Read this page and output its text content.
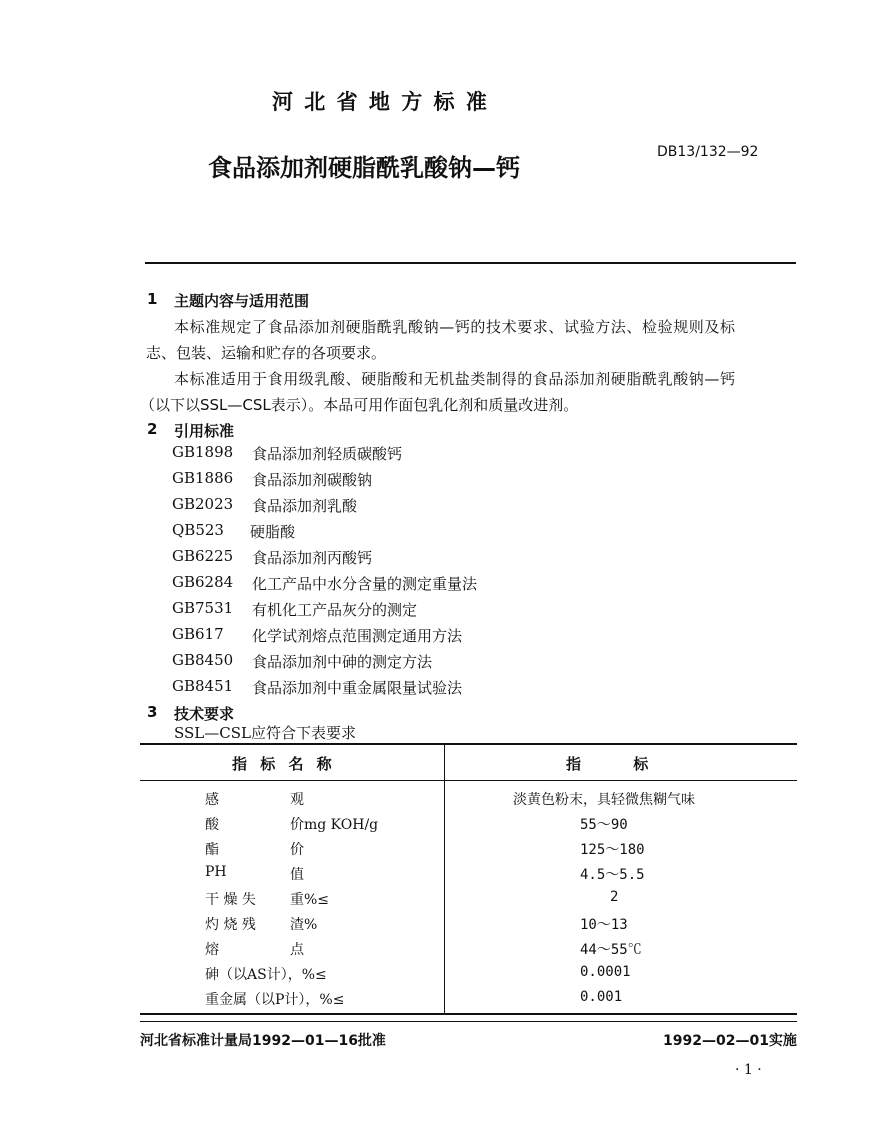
河 北 省 地 方 标 准
食品添加剂硬脂酰乳酸钠—钙
DB13/132—92
1 主题内容与适用范围
本标准规定了食品添加剂硬脂酰乳酸钠—钙的技术要求、试验方法、检验规则及标
志、包装、运输和贮存的各项要求。
本标准适用于食用级乳酸、硬脂酸和无机盐类制得的食品添加剂硬脂酰乳酸钠—钙
（以下以SSL—CSL表示）。本品可用作面包乳化剂和质量改进剂。
2 引用标准
GB1898 食品添加剂轻质碳酸钙
GB1886 食品添加剂碳酸钠
GB2023 食品添加剂乳酸
QB523 硬脂酸
GB6225 食品添加剂丙酸钙
GB6284 化工产品中水分含量的测定重量法
GB7531 有机化工产品灰分的测定
GB617 化学试剂熔点范围测定通用方法
GB8450 食品添加剂中砷的测定方法
GB8451 食品添加剂中重金属限量试验法
3 技术要求
SSL—CSL应符合下表要求
指 标 名 称	指          标
感	观	淡黄色粉末，具轻微焦糊气味
酸	价mg KOH/g	55～90
酯	价	125～180
PH	值	4.5～5.5
干 燥 失 重%≤	2
灼 烧 残 渣%	10～13
熔	点	44～55℃
砷（以AS计），%≤	0.0001
重金属（以P计），%≤	0.001
河北省标准计量局1992—01—16批准	1992—02—01实施
· 1 ·
